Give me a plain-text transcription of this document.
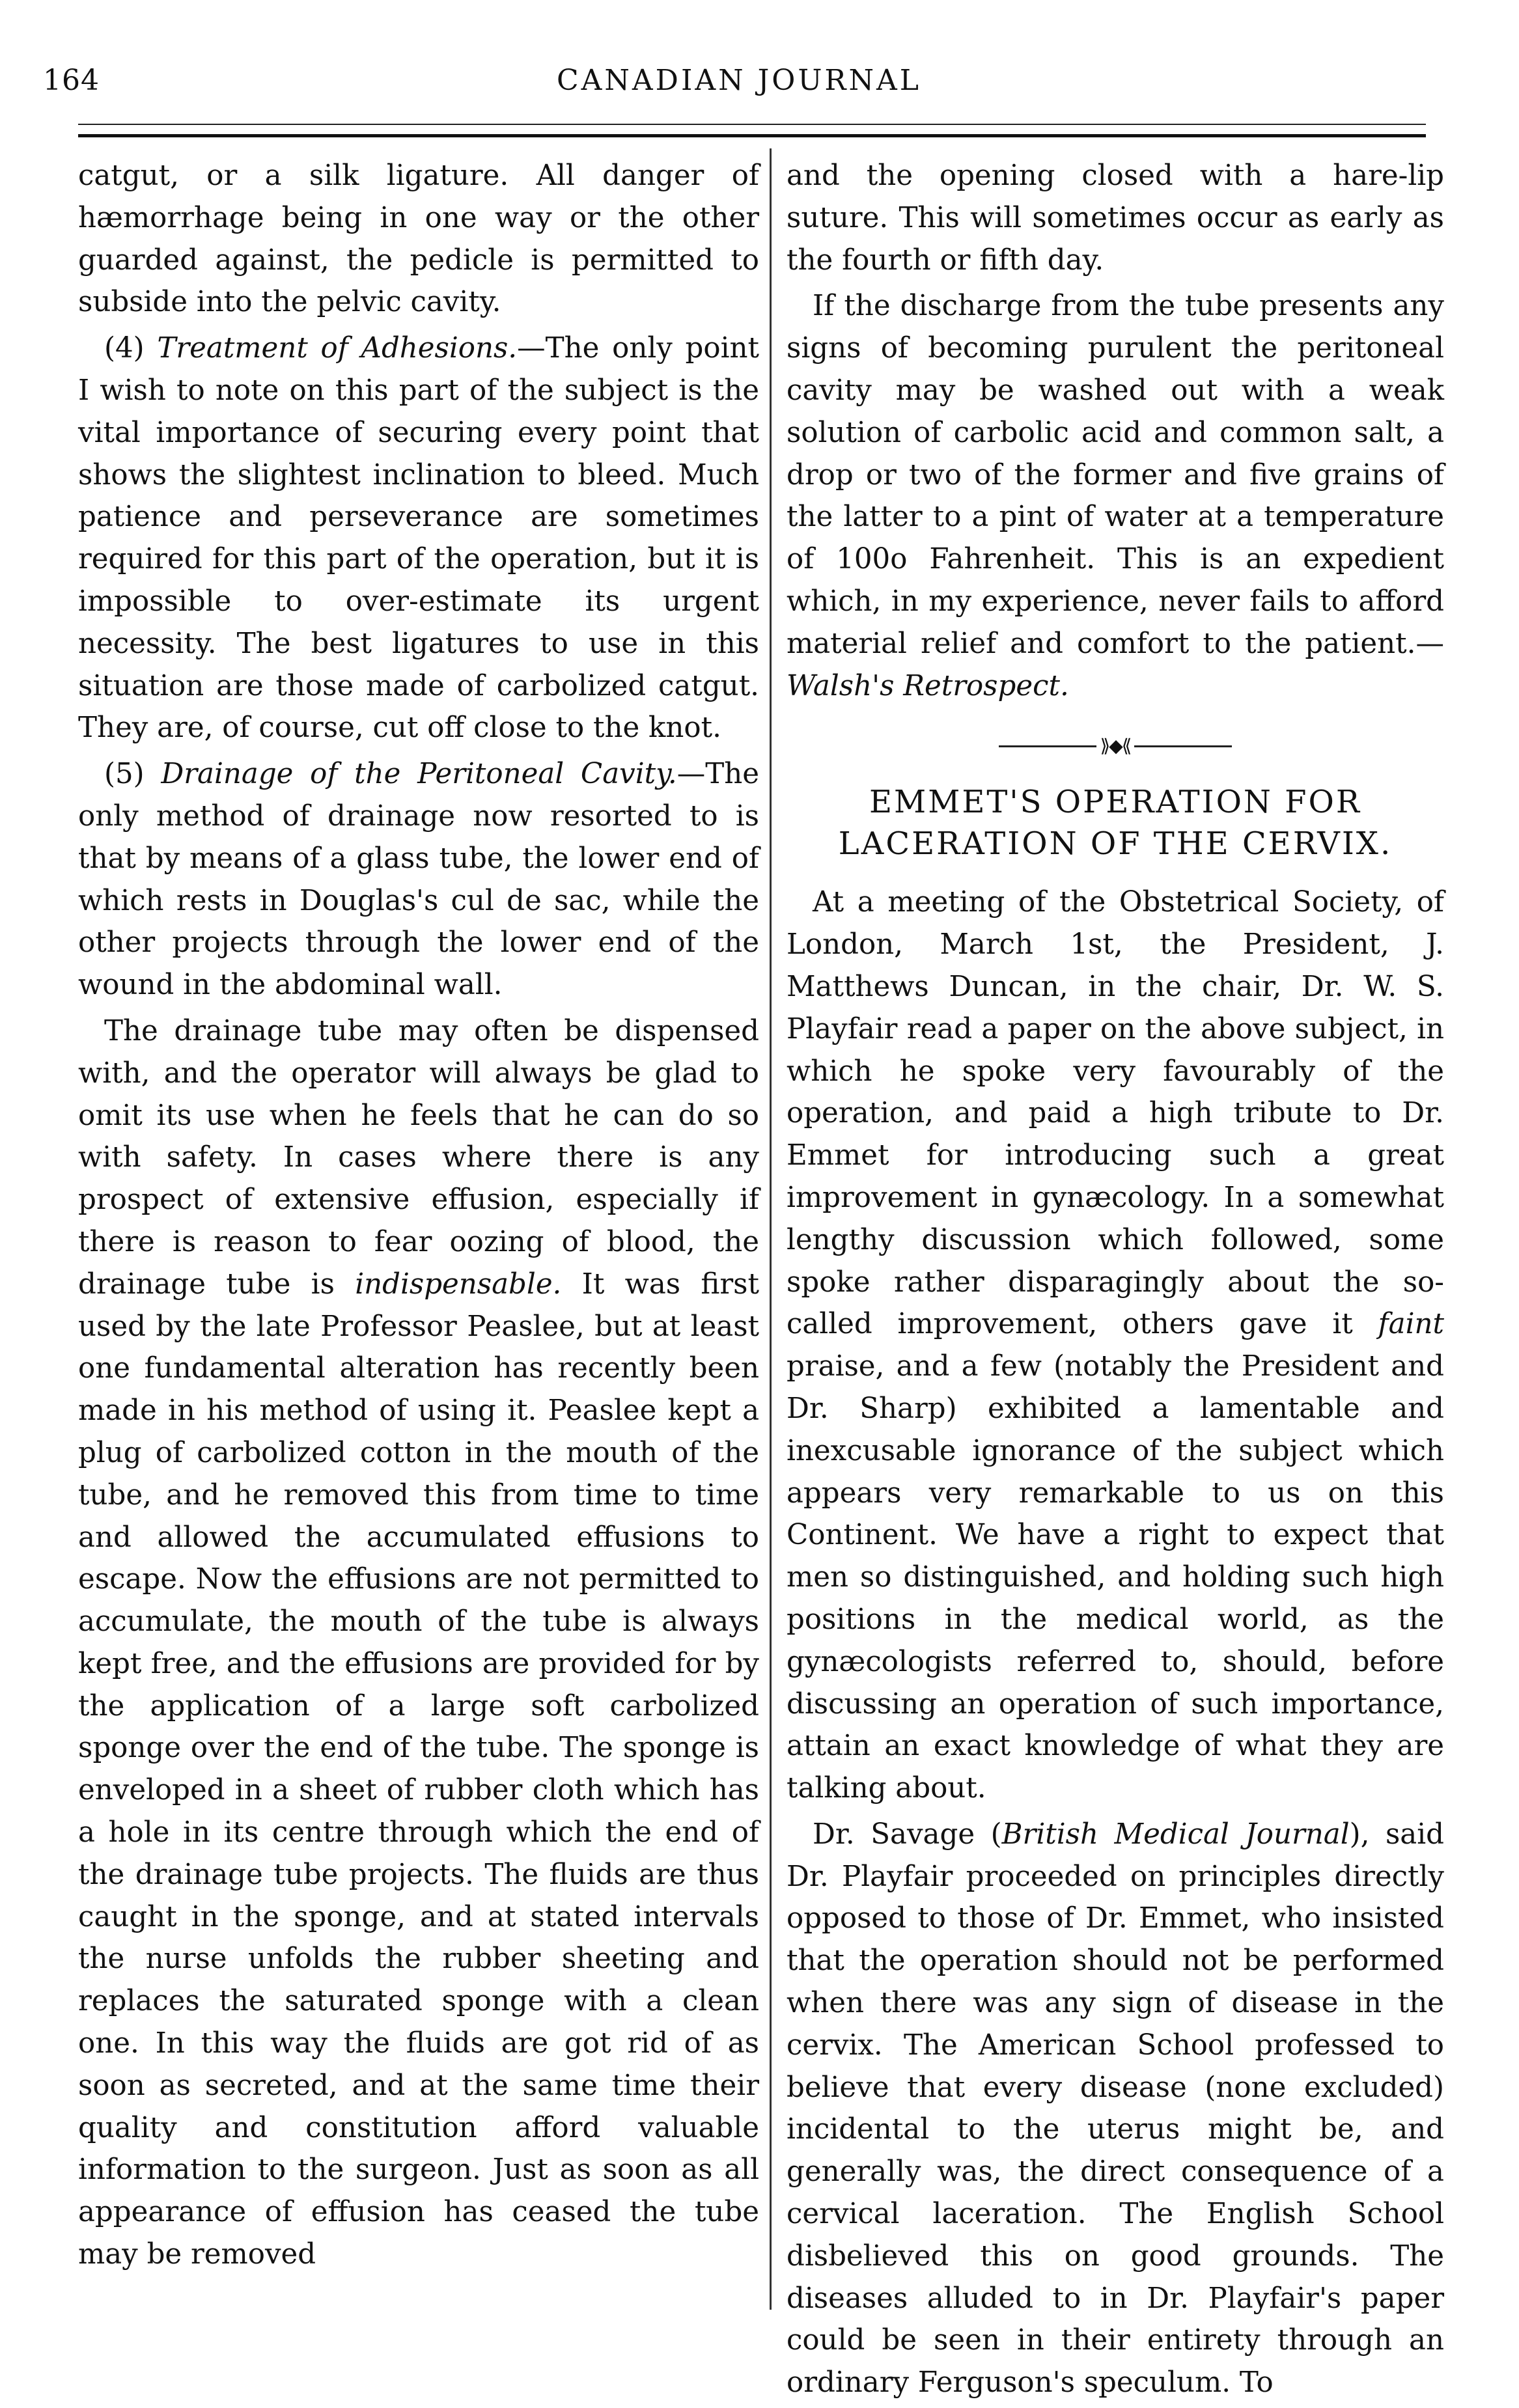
164	CANADIAN JOURNAL

catgut, or a silk ligature. All danger of hæmorrhage being in one way or the other guarded against, the pedicle is permitted to subside into the pelvic cavity.

(4) Treatment of Adhesions.—The only point I wish to note on this part of the subject is the vital importance of securing every point that shows the slightest inclination to bleed. Much patience and perseverance are sometimes required for this part of the operation, but it is impossible to over-estimate its urgent necessity. The best ligatures to use in this situation are those made of carbolized catgut. They are, of course, cut off close to the knot.

(5) Drainage of the Peritoneal Cavity.—The only method of drainage now resorted to is that by means of a glass tube, the lower end of which rests in Douglas's cul de sac, while the other projects through the lower end of the wound in the abdominal wall.

The drainage tube may often be dispensed with, and the operator will always be glad to omit its use when he feels that he can do so with safety. In cases where there is any prospect of extensive effusion, especially if there is reason to fear oozing of blood, the drainage tube is indispensable. It was first used by the late Professor Peaslee, but at least one fundamental alteration has recently been made in his method of using it. Peaslee kept a plug of carbolized cotton in the mouth of the tube, and he removed this from time to time and allowed the accumulated effusions to escape. Now the effusions are not permitted to accumulate, the mouth of the tube is always kept free, and the effusions are provided for by the application of a large soft carbolized sponge over the end of the tube. The sponge is enveloped in a sheet of rubber cloth which has a hole in its centre through which the end of the drainage tube projects. The fluids are thus caught in the sponge, and at stated intervals the nurse unfolds the rubber sheeting and replaces the saturated sponge with a clean one. In this way the fluids are got rid of as soon as secreted, and at the same time their quality and constitution afford valuable information to the surgeon. Just as soon as all appearance of effusion has ceased the tube may be removed

and the opening closed with a hare-lip suture. This will sometimes occur as early as the fourth or fifth day.

If the discharge from the tube presents any signs of becoming purulent the peritoneal cavity may be washed out with a weak solution of carbolic acid and common salt, a drop or two of the former and five grains of the latter to a pint of water at a temperature of 100o Fahrenheit. This is an expedient which, in my experience, never fails to afford material relief and comfort to the patient.—Walsh's Retrospect.

⟫◆⟪
EMMET'S OPERATION FOR LACERATION OF THE CERVIX.

At a meeting of the Obstetrical Society, of London, March 1st, the President, J. Matthews Duncan, in the chair, Dr. W. S. Playfair read a paper on the above subject, in which he spoke very favourably of the operation, and paid a high tribute to Dr. Emmet for introducing such a great improvement in gynæcology. In a somewhat lengthy discussion which followed, some spoke rather disparagingly about the so-called improvement, others gave it faint praise, and a few (notably the President and Dr. Sharp) exhibited a lamentable and inexcusable ignorance of the subject which appears very remarkable to us on this Continent. We have a right to expect that men so distinguished, and holding such high positions in the medical world, as the gynæcologists referred to, should, before discussing an operation of such importance, attain an exact knowledge of what they are talking about.

Dr. Savage (British Medical Journal), said Dr. Playfair proceeded on principles directly opposed to those of Dr. Emmet, who insisted that the operation should not be performed when there was any sign of disease in the cervix. The American School professed to believe that every disease (none excluded) incidental to the uterus might be, and generally was, the direct consequence of a cervical laceration. The English School disbelieved this on good grounds. The diseases alluded to in Dr. Playfair's paper could be seen in their entirety through an ordinary Ferguson's speculum. To
